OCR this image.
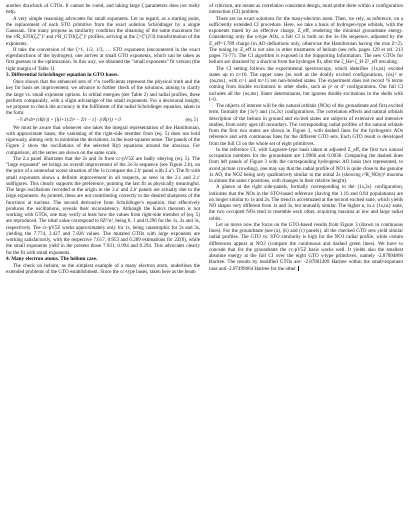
another drawback of GTOs. It cannot be cured, and taking large ζ parameters does not really help.

A very simple reasoning advocates for small exponents. Let us regard, as a starting point, the replacement of each STO primitive from the exact solution Schrödinger by a single Gaussian. One many propose as similarity condition the obtaining of the same maximum for the r²R_STO(ζ,ζ″)² and r²R_GTO(ζ,ζ″)² profiles, arriving at the ζ=ζ″(2/3) transformation of the exponents.

If take the conversion of the ζ=1, 1/2, 1/3, … STO exponents (encountered in the exact eigenfunctions of the hydrogen), one arrives at small GTO exponents, which can be taken as first guesses in the optimization. In this way, we obtained the "small exponents" fit version (the right margin of Table 1).

3. Differential Schrödinger equation in GTO bases.

Once shown that the enhanced sets of r^n coefficients represent the physical truth and the key for basis set improvement, we advance to further check of the solutions, aiming to clarify the large vs. small exponent options. In orbital energies (see Table 2) and radial profiles, these perform comparably, with a slight advantage of the small exponents. For a decisional insight, we propose to check the accuracy in the fulfilment of the radial Schrödinger equation, taken in the form:

−½ d²/dr² (rR(r)) + [l(l+1)/2r² − Z/r − ε] · (rR(r)) = 0	(eq. 5)

We must be aware that whenever one takes the integral representation of the Hamiltonian, with approximate bases, the vanishing of the right-side member from (eq. 5) does not hold rigorously, aiming only to minimise the deviations, in the least-squares sense. The panels of the Figure 2 show the oscillations of the selected R(r) equations around the abscissa. For comparison, all the series are shown on the same scale.

The 2.a panel illustrates that the 2s and 3s from cc-pV5Z are badly obeying (eq. 5). The "large exponent" set brings an overall improvement of the 2s-3s sequence (see Figure 2.b), on the price of a somewhat worse situation of the 1s (compare the 2.b' panel with 2.a'). The fit with small exponents shows a definite improvement in all respects, as seen in the 2.c and 2.c' subfigures. This clearly supports the preference, pointing the last fit as physically meaningful. The large oscillations recorded at the origin in the 2.a' and 2.b' panels are actually due to the large exponents. As pointed, these are not contributing correctly to the desired sharpness of the functions at nucleus. The second derivative from Schrödinger's equation, that effectively produces the oscillations, reveals their inconsistency. Although the Kato's theorem is not working with GTOs, one may verify at least how the values from right-side member of (eq. 5) are reproduced. The ideal value correspond to 8Z³/n³, being 8, 1 and 0.296 for the 1s, 2s and 3s, respectively. The cc-pV5Z works approximately only for 1s, being catastrophic for 2s and 3s, yielding the 7.774, 2.427 and 7.826 values. The mutated GTOs with large exponents are working satisfactorily, with the respective 7.617, 0.953 and 0.289 estimations for 2Z(0), while the small exponents yield in the present those 7.931, 0.994 and 0.294. This advocates clearly for the fit with small exponents.

4. Many electron atoms. The helium case.

The check on helium, as the simplest example of a many electron atom, underlines the extended problems of the GTO establishment. Since the cc-type bases, taken here as the beam

of criticism, are meant as correlation consistent design, must probe them within a configuration interaction (CI) problem.

There are no exact solutions for the many-electron atom. Then, we rely, as reference, on a sufficiently extended CI procedure. Here, we take a basis of hydrogen-type orbitals, with the exponents tuned by an effective charge, Z_eff, rendering the minimal groundstate energy. Considering only the s-type AOs, a full CI is built on the 1s-10s sequence, adjusted by the Z_eff=1.789 charge (in AO definitions only, otherwise the Hamiltonian having the true Z=2). The tuning by Z_eff is not also in other treatments of helium (see refs. pages 129 et ref. 213 pages 73-77). The CI algorithm is exposed in the Supporting Information. The new GTOs for helium are obtained by a shortcut from the hydrogen fit, after the ζ_He=ζ_H·Z²_eff rescaling.

The CI setting follows the experimental spectroscopy, which identifies {1s,ns} excited states up to n=10. The upper ones (as well as the doubly excited configurations, {ns}² or {ns,ms}, with n>1 and m>1) are non-bonded states. The experiment does not record ¹S terms coming from double excitations in other shells, such as p² or d² configurations. Our full CI includes all the {ns,ms} Slater determinants, but ignores double excitations in the shells with l>0.

The objects of interest will be the natural orbitals (NOs) of the groundstate and first excited term, formally the {1s²} and {1s,2s} configurations. The correlation effects and natural orbitals description of the helium in ground and excited states are subjects of extensive and intensive studies, from early ages till nowadays. The corresponding radial profiles of the natural orbitals from the first two states are shown in Figure 3, with dashed lines for the hydrogenic AOs reference and with continuous lines for the different GTO sets. Each GTO result is developed from the full CI on the whole set of eight primitives.

In the reference CI, with Laguerre-type basis taken at adjusted Z_eff, the first two natural occupation numbers for the groundstate are 1.9966 and 0.0036. Comparing the dashed lines from left panels of Figure 3 with the corresponding hydrogenic AO basis (not represented, to avoid picture crowding), one may say that the radial profile of NO1 is quite close to the genuine 1s AO, the NO2 being only qualitatively similar to the initial 2s (showing r²R_NO(r)² maxima in almost the same r positions, with changes in their relative height).

A glance at the right side-panels, formally corresponding to the {1s,2s} configuration, indicates that the NOs in the STO-based reference (having the 1.16 and 0.84 populations) are no longer similar to 1s and 2s. The trend is accentuated at the second excited state, which yields NO shapes very different from 1s and 3s, but mutually similar. The higher n, in a {1s,ns} state, the two occupied NOs tend to resemble each other, acquiring maxima at low and large radial orbits.

Let us move now the focus on the GTO-based results from Figure 3 (drawn in continuous lines). For the groundstate (see (a), (b) and (c) panels), all the checked GTO sets yield similar radial profiles. The GTO vs. STO similarity is high for the NO1 radial profile, while certain differences appear at NO2 (compare the continuous and dashed green lines). We have to concede that for the groundstate the cc-pV5Z basis works well. It yields also the smallest absolute energy at the full CI over the eight GTO s-type primitives, namely -2.87894866 Hartree. The results by modified GTOs are: -2.87881409 Hartree within the small-exponent case and -2.87499664 Hartree for the other.
